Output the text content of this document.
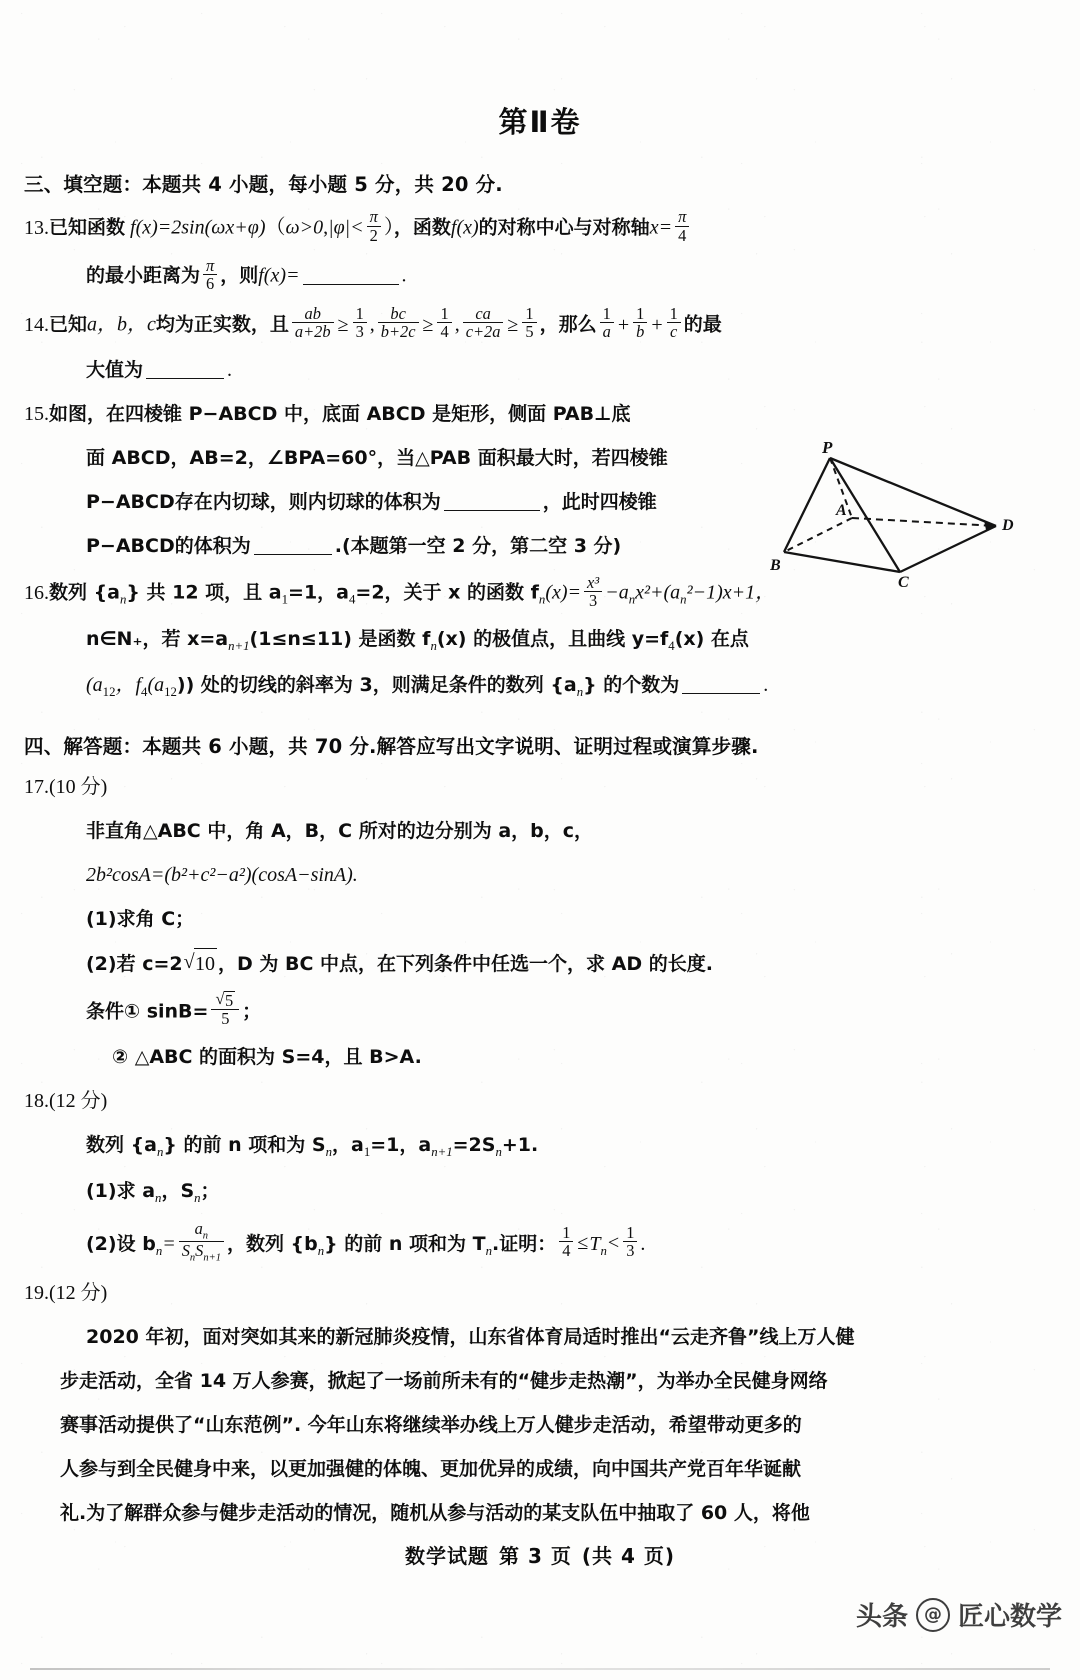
第Ⅱ卷
三、填空题：本题共 4 小题，每小题 5 分，共 20 分.
13.已知函数 $f(x)=2\sin(\omega x+\varphi)(\omega>0,|\varphi|< \frac{\pi}{2}$ ），函数f(x)的对称中心与对称轴$x= \frac{\pi}{4}$
的最小距离为 $\frac{\pi}{6}$ ，则f(x)=	.
14.已知a，b，c均为正实数，且 $\frac{ab}{a+2b} \ge \frac{1}{3}$ , $\frac{bc}{b+2c} \ge \frac{1}{4}$ , $\frac{ca}{c+2a} \ge \frac{1}{5}$ ，那么 $\frac{1}{a} + \frac{1}{b} + \frac{1}{c}$ 的最
大值为	.
15.如图，在四棱锥 P−ABCD 中，底面 ABCD 是矩形，侧面 PAB⊥底
面 ABCD，AB=2，∠BPA=60°，当△PAB 面积最大时，若四棱锥
P−ABCD存在内切球，则内切球的体积为	，此时四棱锥
P−ABCD的体积为	.(本题第一空 2 分，第二空 3 分)
P
A
B
C
D
16.数列 $\{a_n\}$ 共 12 项，且 $a_1=1$，$a_4=2$，关于 x 的函数 $f_n(x)= \frac{\text{x³}}{3} -a_nx^2+(a_n^2-1)x+1$，
n∈N₊，若 $x=a_{n+1}(1\le n\le 11)$ 是函数 $f_n(x)$ 的极值点，且曲线 $y=f_4(x)$ 在点
($a_{12}$，$f_4(a_{12})$) 处的切线的斜率为 3，则满足条件的数列 $\{a_n\}$ 的个数为	.
四、解答题：本题共 6 小题，共 70 分.解答应写出文字说明、证明过程或演算步骤.
17.(10 分)
非直角△ABC 中，角 A，B，C 所对的边分别为 a，b，c，
2b²cosA=(b²+c²−a²)(cosA−sinA).
(1)求角 C；
(2)若 c=2 √ 10 ，D 为 BC 中点，在下列条件中任选一个，求 AD 的长度.
条件① sinB= √ $\frac{5}{5}$ ；
② △ABC 的面积为 S=4，且 B>A.
18.(12 分)
数列 $\{a_n\}$ 的前 n 项和为 $S_n$，$a_1=1$，$a_{n+1}=2S_n+1$.
(1)求 $a_n$，$S_n$；
(2)设 $b_n= \frac{a_n}{S_nS_{n+1}}$ ，数列 $\{b_n\}$ 的前 n 项和为 $T_n$.证明： $\frac{1}{4} \le T_n< \frac{1}{3}$ .
19.(12 分)
2020 年初，面对突如其来的新冠肺炎疫情，山东省体育局适时推出“云走齐鲁”线上万人健
步走活动，全省 14 万人参赛，掀起了一场前所未有的“健步走热潮”，为举办全民健身网络
赛事活动提供了“山东范例”. 今年山东将继续举办线上万人健步走活动，希望带动更多的
人参与到全民健身中来，以更加强健的体魄、更加优异的成绩，向中国共产党百年华诞献
礼.为了解群众参与健步走活动的情况，随机从参与活动的某支队伍中抽取了 60 人，将他
数学试题 第 3 页 (共 4 页)
头条 @ 匠心数学
